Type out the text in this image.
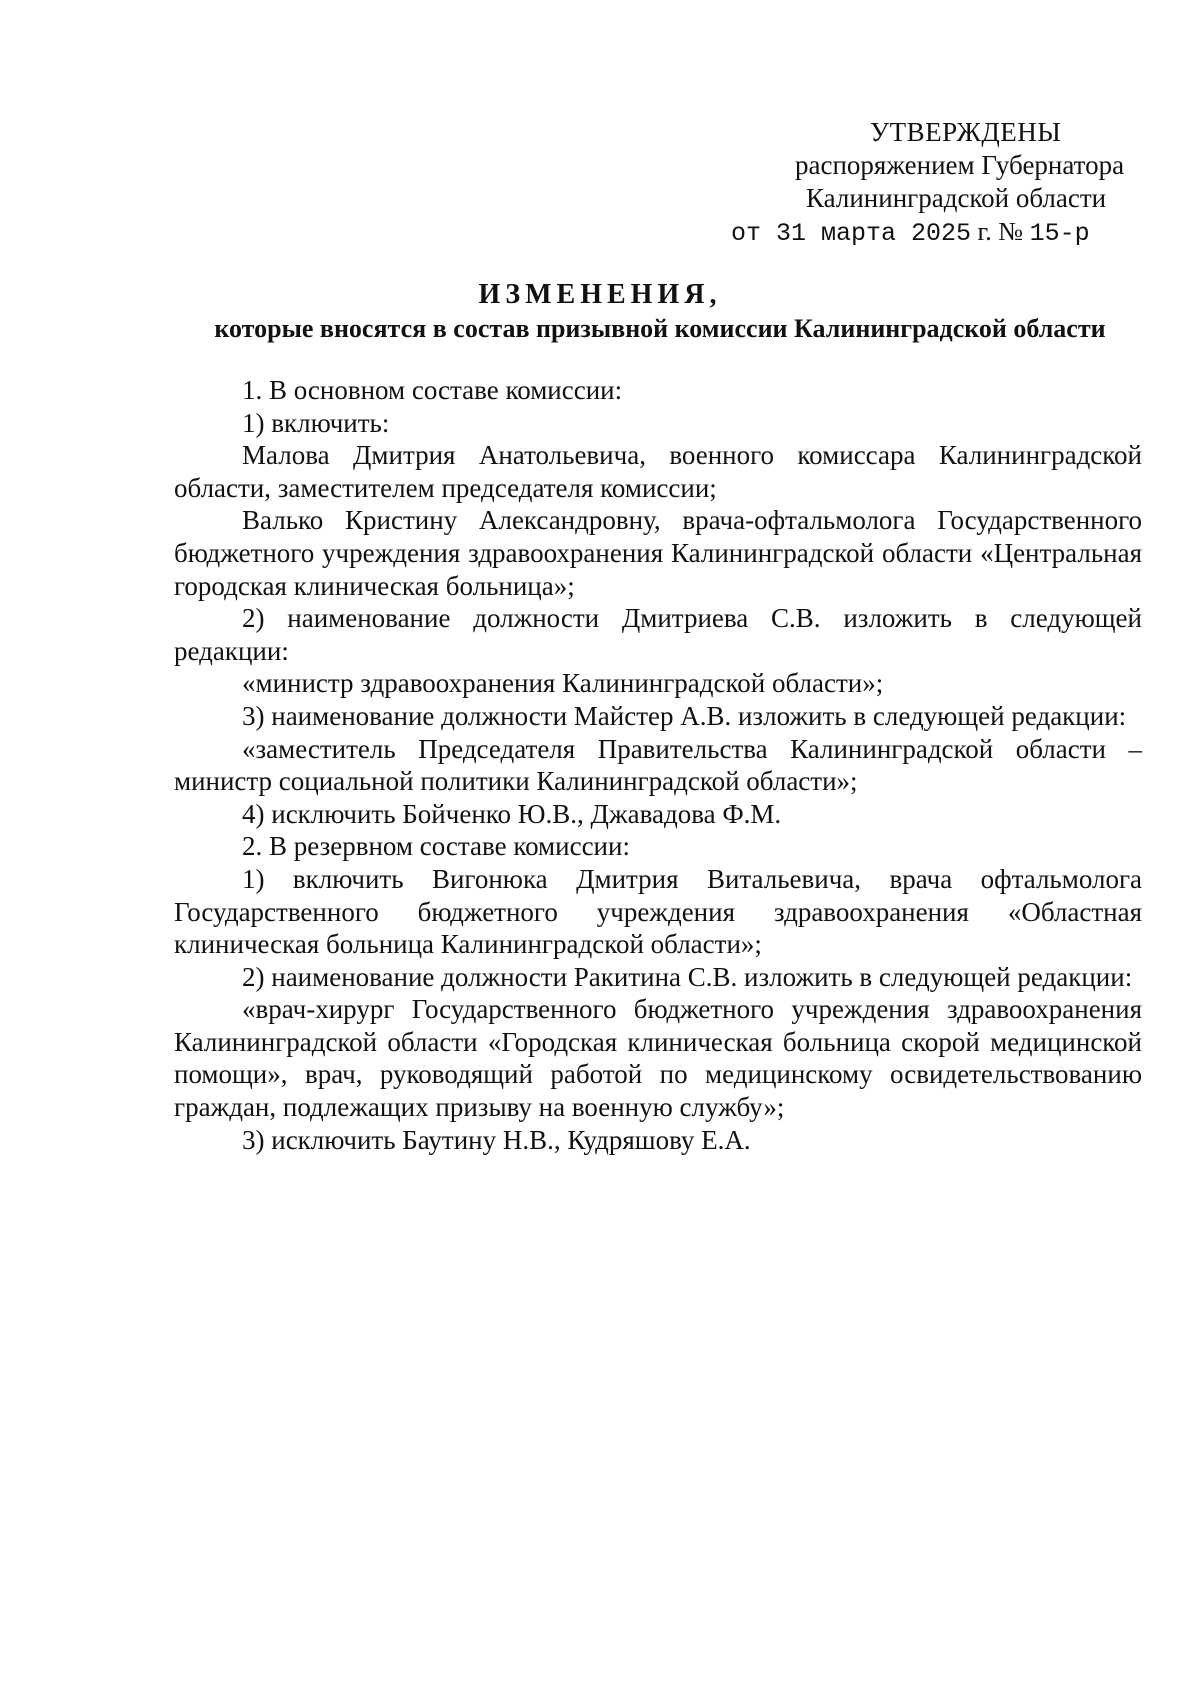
УТВЕРЖДЕНЫ
распоряжением Губернатора
Калининградской области
от 31 марта 2025 г. № 15-р
ИЗМЕНЕНИЯ,
которые вносятся в состав призывной комиссии Калининградской области

1. В основном составе комиссии:

1) включить:

Малова Дмитрия Анатольевича, военного комиссара Калининградской области, заместителем председателя комиссии;

Валько Кристину Александровну, врача-офтальмолога Государственного бюджетного учреждения здравоохранения Калининградской области «Центральная городская клиническая больница»;

2) наименование должности Дмитриева С.В. изложить в следующей редакции:

«министр здравоохранения Калининградской области»;

3) наименование должности Майстер А.В. изложить в следующей редакции:

«заместитель Председателя Правительства Калининградской области – министр социальной политики Калининградской области»;

4) исключить Бойченко Ю.В., Джавадова Ф.М.

2. В резервном составе комиссии:

1) включить Вигонюка Дмитрия Витальевича, врача офтальмолога Государственного бюджетного учреждения здравоохранения «Областная клиническая больница Калининградской области»;

2) наименование должности Ракитина С.В. изложить в следующей редакции:

«врач-хирург Государственного бюджетного учреждения здравоохранения Калининградской области «Городская клиническая больница скорой медицинской помощи», врач, руководящий работой по медицинскому освидетельствованию граждан, подлежащих призыву на военную службу»;

3) исключить Баутину Н.В., Кудряшову Е.А.
